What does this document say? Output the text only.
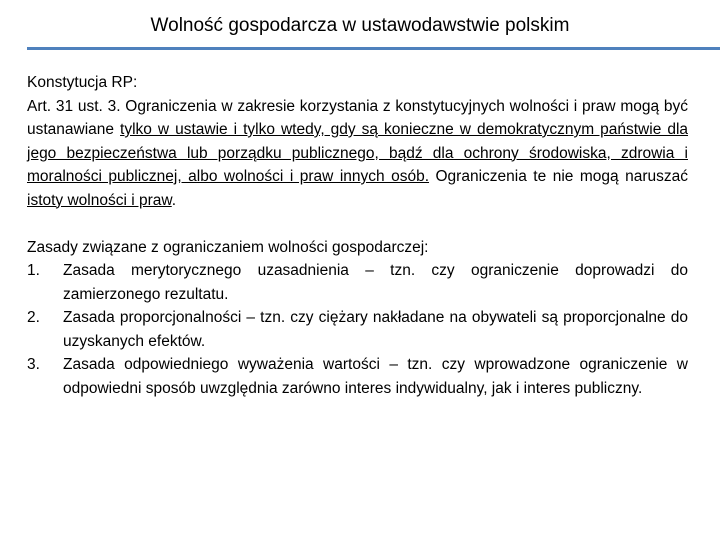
Wolność gospodarcza w ustawodawstwie polskim

Konstytucja RP:

Art. 31 ust. 3. Ograniczenia w zakresie korzystania z konstytucyjnych wolności i praw mogą być ustanawiane tylko w ustawie i tylko wtedy, gdy są konieczne w demokratycznym państwie dla jego bezpieczeństwa lub porządku publicznego, bądź dla ochrony środowiska, zdrowia i moralności publicznej, albo wolności i praw innych osób. Ograniczenia te nie mogą naruszać istoty wolności i praw.

Zasady związane z ograniczaniem wolności gospodarczej:

1.	Zasada merytorycznego uzasadnienia – tzn. czy ograniczenie doprowadzi do zamierzonego rezultatu.
2.	Zasada proporcjonalności – tzn. czy ciężary nakładane na obywateli są proporcjonalne do uzyskanych efektów.
3.	Zasada odpowiedniego wyważenia wartości – tzn. czy wprowadzone ograniczenie w odpowiedni sposób uwzględnia zarówno interes indywidualny, jak i interes publiczny.
